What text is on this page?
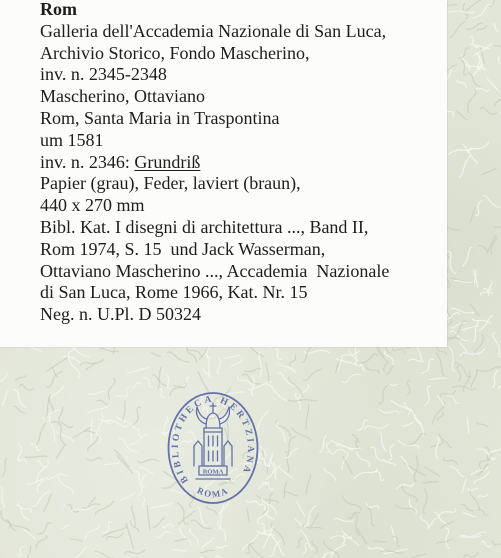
Rom
Galleria dell'Accademia Nazionale di San Luca,
Archivio Storico, Fondo Mascherino,
inv. n. 2345-2348
Mascherino, Ottaviano
Rom, Santa Maria in Traspontina
um 1581
inv. n. 2346: Grundriß
Papier (grau), Feder, laviert (braun),
440 x 270 mm
Bibl. Kat. I disegni di architettura ..., Band II,
Rom 1974, S. 15  und Jack Wasserman,
Ottaviano Mascherino ..., Accademia  Nazionale
di San Luca, Rome 1966, Kat. Nr. 15
Neg. n. U.Pl. D 50324
BIBLIOTHECA HERTZIANA
ROMA
ROMA
